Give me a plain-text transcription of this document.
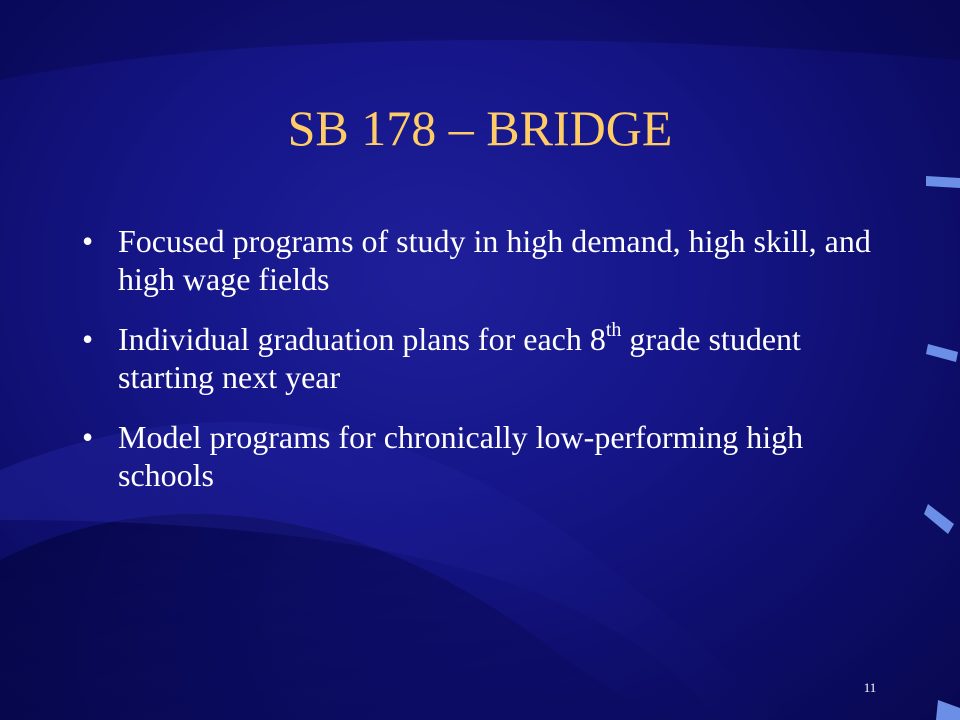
SB 178 – BRIDGE
• Focused programs of study in high demand, high skill, and high wage fields
• Individual graduation plans for each 8th grade student starting next year
• Model programs for chronically low-performing high schools
11
